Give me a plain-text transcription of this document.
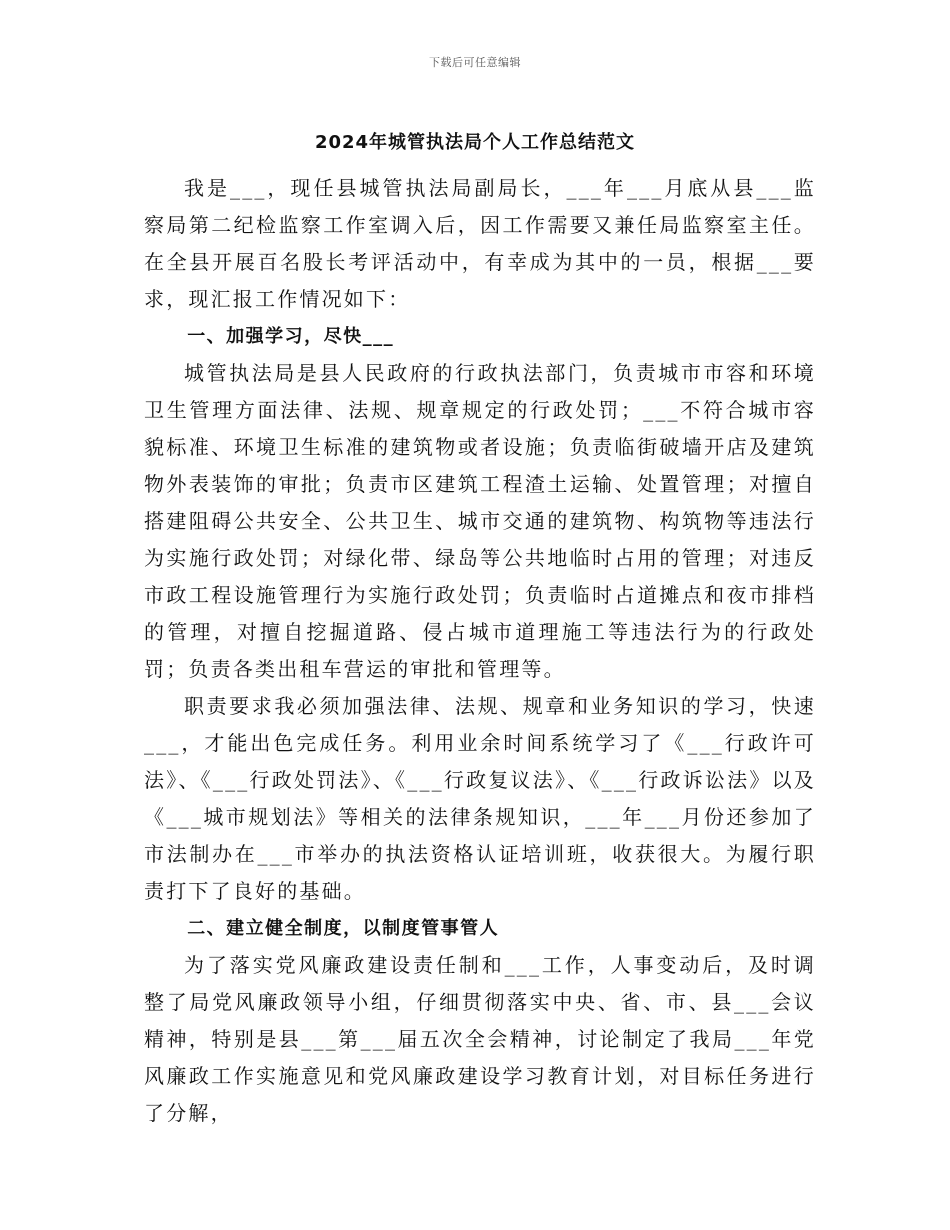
下载后可任意编辑
2024年城管执法局个人工作总结范文

我是___，现任县城管执法局副局长，___年___月底从县___监察局第二纪检监察工作室调入后，因工作需要又兼任局监察室主任。在全县开展百名股长考评活动中，有幸成为其中的一员，根据___要求，现汇报工作情况如下：

一、加强学习，尽快___

城管执法局是县人民政府的行政执法部门，负责城市市容和环境卫生管理方面法律、法规、规章规定的行政处罚；___不符合城市容貌标准、环境卫生标准的建筑物或者设施；负责临街破墙开店及建筑物外表装饰的审批；负责市区建筑工程渣土运输、处置管理；对擅自搭建阻碍公共安全、公共卫生、城市交通的建筑物、构筑物等违法行为实施行政处罚；对绿化带、绿岛等公共地临时占用的管理；对违反市政工程设施管理行为实施行政处罚；负责临时占道摊点和夜市排档的管理，对擅自挖掘道路、侵占城市道理施工等违法行为的行政处罚；负责各类出租车营运的审批和管理等。

职责要求我必须加强法律、法规、规章和业务知识的学习，快速___，才能出色完成任务。利用业余时间系统学习了《___行政许可法》、《___行政处罚法》、《___行政复议法》、《___行政诉讼法》以及《___城市规划法》等相关的法律条规知识，___年___月份还参加了市法制办在___市举办的执法资格认证培训班，收获很大。为履行职责打下了良好的基础。

二、建立健全制度，以制度管事管人

为了落实党风廉政建设责任制和___工作，人事变动后，及时调整了局党风廉政领导小组，仔细贯彻落实中央、省、市、县___会议精神，特别是县___第___届五次全会精神，讨论制定了我局___年党风廉政工作实施意见和党风廉政建设学习教育计划，对目标任务进行了分解，
